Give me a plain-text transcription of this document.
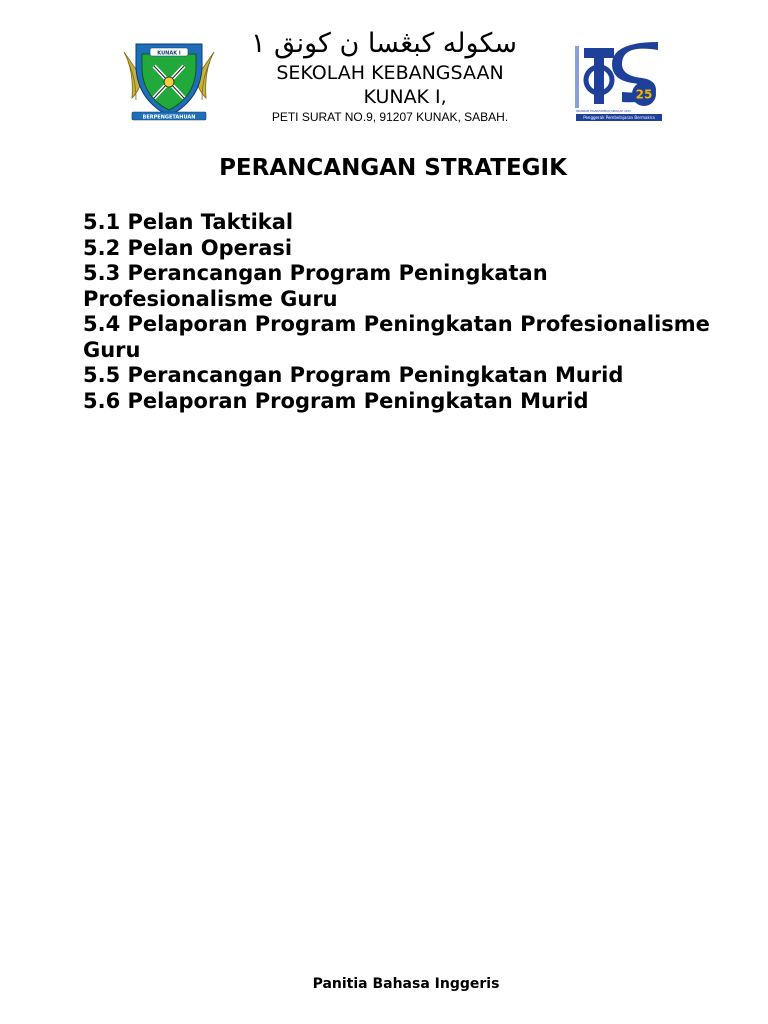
KUNAK I
BERPENGETAHUAN
سكوله كبڠسا ن كونق ١
SEKOLAH KEBANGSAAN
KUNAK I,
PETI SURAT NO.9, 91207 KUNAK, SABAH.
25
PROGRAM TRANSFORMASI SEKOLAH 2025
Penggerak Pembelajaran Bermakna
PERANCANGAN STRATEGIK
5.1 Pelan Taktikal
5.2 Pelan Operasi
5.3 Perancangan Program Peningkatan Profesionalisme Guru
5.4 Pelaporan Program Peningkatan Profesionalisme Guru
5.5 Perancangan Program Peningkatan Murid
5.6 Pelaporan Program Peningkatan Murid
Panitia Bahasa Inggeris
